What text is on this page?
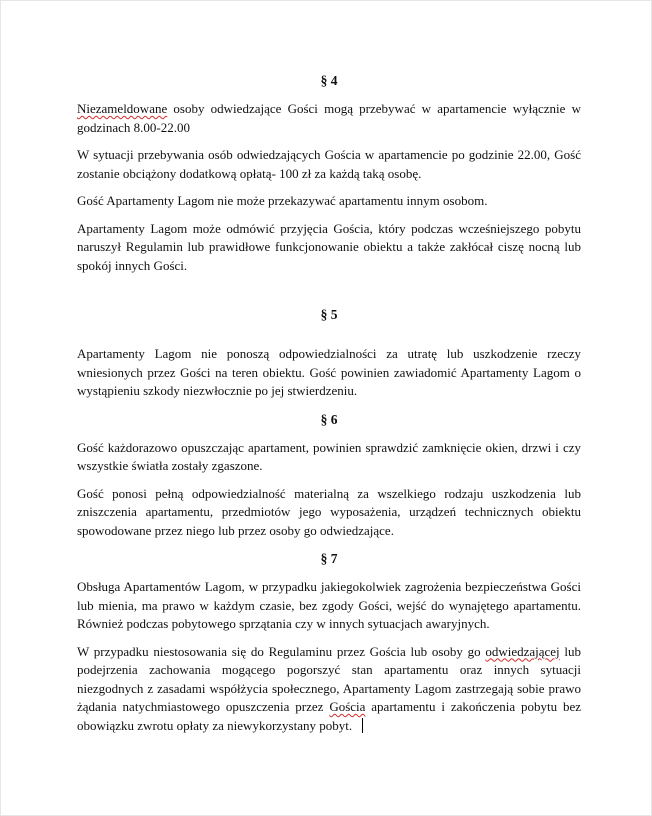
§ 4

Niezameldowane osoby odwiedzające Gości mogą przebywać w apartamencie wyłącznie w godzinach 8.00-22.00

W sytuacji przebywania osób odwiedzających Gościa w apartamencie po godzinie 22.00, Gość zostanie obciążony dodatkową opłatą- 100 zł za każdą taką osobę.

Gość Apartamenty Lagom nie może przekazywać apartamentu innym osobom.

Apartamenty Lagom może odmówić przyjęcia Gościa, który podczas wcześniejszego pobytu naruszył Regulamin lub prawidłowe funkcjonowanie obiektu a także zakłócał ciszę nocną lub spokój innych Gości.

§ 5

Apartamenty Lagom nie ponoszą odpowiedzialności za utratę lub uszkodzenie rzeczy wniesionych przez Gości na teren obiektu. Gość powinien zawiadomić Apartamenty Lagom o wystąpieniu szkody niezwłocznie po jej stwierdzeniu.

§ 6

Gość każdorazowo opuszczając apartament, powinien sprawdzić zamknięcie okien, drzwi i czy wszystkie światła zostały zgaszone.

Gość ponosi pełną odpowiedzialność materialną za wszelkiego rodzaju uszkodzenia lub zniszczenia apartamentu, przedmiotów jego wyposażenia, urządzeń technicznych obiektu spowodowane przez niego lub przez osoby go odwiedzające.

§ 7

Obsługa Apartamentów Lagom, w przypadku jakiegokolwiek zagrożenia bezpieczeństwa Gości lub mienia, ma prawo w każdym czasie, bez zgody Gości, wejść do wynajętego apartamentu. Również podczas pobytowego sprzątania czy w innych sytuacjach awaryjnych.

W przypadku niestosowania się do Regulaminu przez Gościa lub osoby go odwiedzającej lub podejrzenia zachowania mogącego pogorszyć stan apartamentu oraz innych sytuacji niezgodnych z zasadami współżycia społecznego, Apartamenty Lagom zastrzegają sobie prawo żądania natychmiastowego opuszczenia przez Gościa apartamentu i zakończenia pobytu bez obowiązku zwrotu opłaty za niewykorzystany pobyt.
